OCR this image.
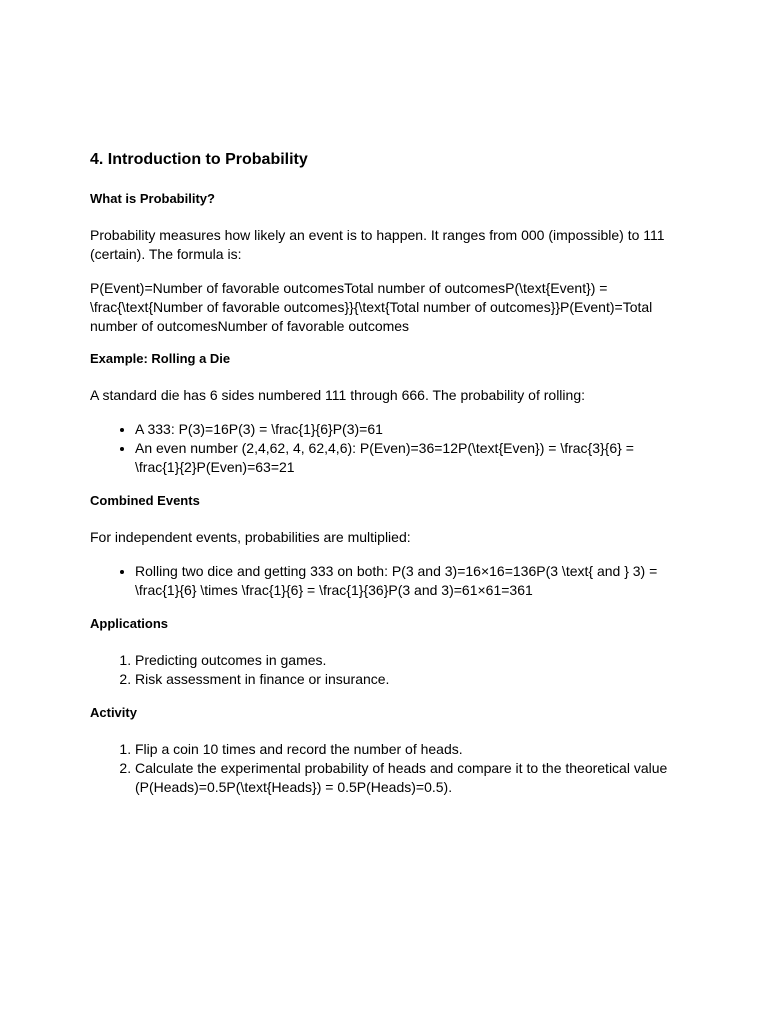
4. Introduction to Probability
What is Probability?

Probability measures how likely an event is to happen. It ranges from 000 (impossible) to 111 (certain). The formula is:

P(Event)=Number of favorable outcomesTotal number of outcomesP(\text{Event}) = \frac{\text{Number of favorable outcomes}}{\text{Total number of outcomes}}P(Event)=Total number of outcomesNumber of favorable outcomes

Example: Rolling a Die

A standard die has 6 sides numbered 111 through 666. The probability of rolling:

• A 333: P(3)=16P(3) = \frac{1}{6}P(3)=61
• An even number (2,4,62, 4, 62,4,6): P(Even)=36=12P(\text{Even}) = \frac{3}{6} = \frac{1}{2}P(Even)=63=21
Combined Events

For independent events, probabilities are multiplied:

• Rolling two dice and getting 333 on both: P(3 and 3)=16×16=136P(3 \text{ and } 3) = \frac{1}{6} \times \frac{1}{6} = \frac{1}{36}P(3 and 3)=61×61=361
Applications
1. Predicting outcomes in games.
2. Risk assessment in finance or insurance.
Activity
1. Flip a coin 10 times and record the number of heads.
2. Calculate the experimental probability of heads and compare it to the theoretical value (P(Heads)=0.5P(\text{Heads}) = 0.5P(Heads)=0.5).
